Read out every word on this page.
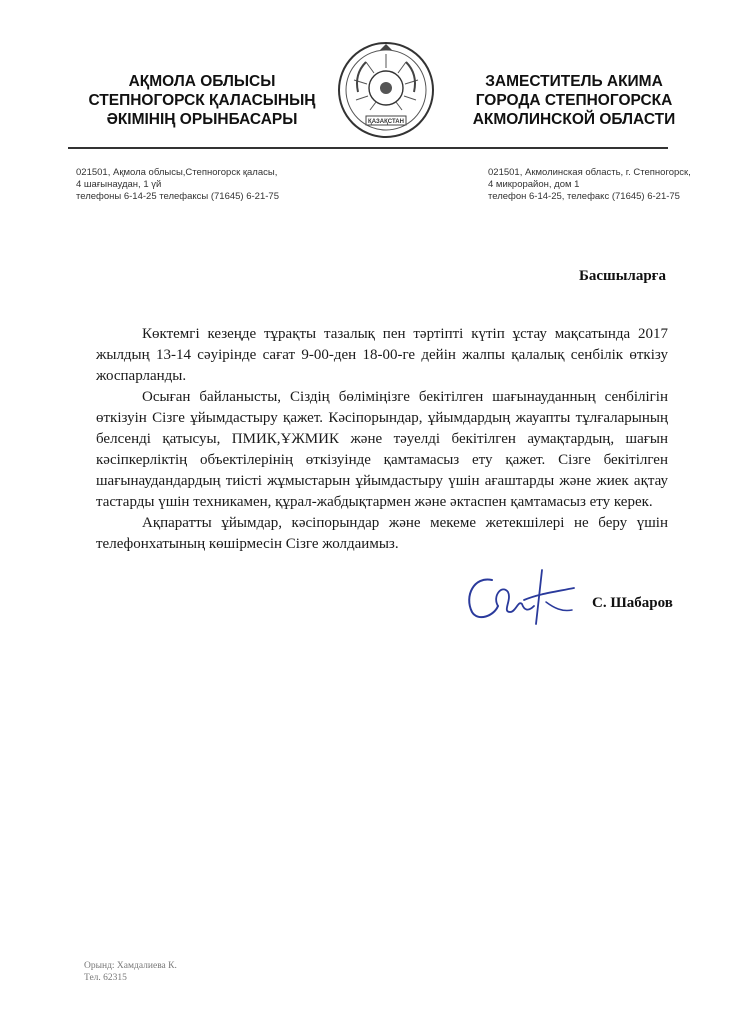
АҚМОЛА ОБЛЫСЫ
СТЕПНОГОРСК ҚАЛАСЫНЫҢ
ӘКІМІНІҢ ОРЫНБАСАРЫ	ҚАЗАҚСТАН
ЗАМЕСТИТЕЛЬ АКИМА
ГОРОДА СТЕПНОГОРСКА
АКМОЛИНСКОЙ ОБЛАСТИ
021501, Ақмола облысы,Степногорск қаласы,
4 шағынаудан, 1 үй
телефоны 6-14-25 телефаксы (71645) 6-21-75
021501, Акмолинская область, г. Степногорск,
4 микрорайон, дом 1
телефон 6-14-25, телефакс (71645) 6-21-75
Басшыларға

Көктемгі кезеңде тұрақты тазалық пен тәртіпті күтіп ұстау мақсатында 2017 жылдың 13-14 сәуірінде сағат 9-00-ден 18-00-ге дейін жалпы қалалық сенбілік өткізу жоспарланды.

Осыған байланысты, Сіздің бөліміңізге бекітілген шағынауданның сенбілігін өткізуін Сізге ұйымдастыру қажет. Кәсіпорындар, ұйымдардың жауапты тұлғаларының белсенді қатысуы, ПМИК,ҰЖМИК және тәуелді бекітілген аумақтардың, шағын кәсіпкерліктің объектілерінің өткізуінде қамтамасыз ету қажет. Сізге бекітілген шағынаудандардың тиісті жұмыстарын ұйымдастыру үшін ағаштарды және жиек ақтау тастарды үшін техникамен, құрал-жабдықтармен және әктаспен қамтамасыз ету керек.

Ақпаратты ұйымдар, кәсіпорындар және мекеме жетекшілері не беру үшін телефонхатының көшірмесін Сізге жолдаимыз.

С. Шабаров
Орынд: Хамдалиева К.
Тел. 62315
